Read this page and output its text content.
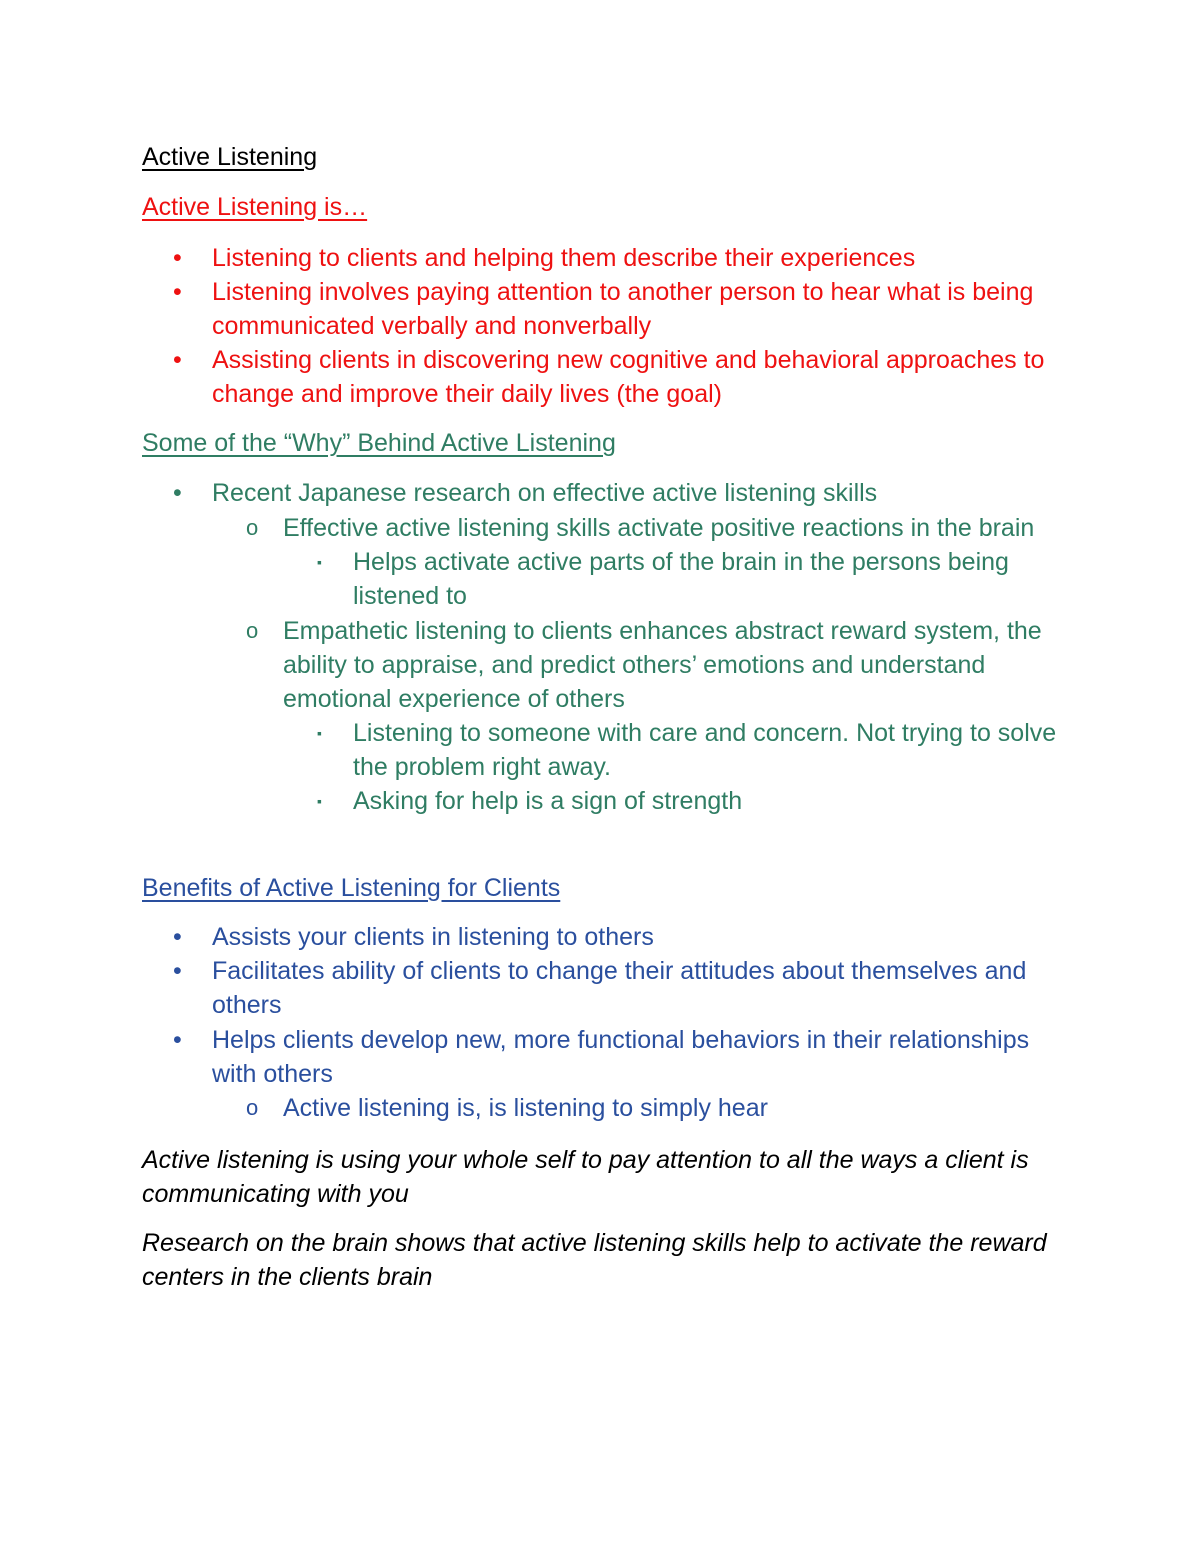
Active Listening
Active Listening is…
• Listening to clients and helping them describe their experiences
• Listening involves paying attention to another person to hear what is being communicated verbally and nonverbally
• Assisting clients in discovering new cognitive and behavioral approaches to change and improve their daily lives (the goal)
Some of the “Why” Behind Active Listening
• Recent Japanese research on effective active listening skills
o Effective active listening skills activate positive reactions in the brain
▪ Helps activate active parts of the brain in the persons being listened to
o Empathetic listening to clients enhances abstract reward system, the ability to appraise, and predict others’ emotions and understand emotional experience of others
▪ Listening to someone with care and concern. Not trying to solve the problem right away.
▪ Asking for help is a sign of strength
Benefits of Active Listening for Clients
• Assists your clients in listening to others
• Facilitates ability of clients to change their attitudes about themselves and others
• Helps clients develop new, more functional behaviors in their relationships with others
o Active listening is, is listening to simply hear
Active listening is using your whole self to pay attention to all the ways a client is communicating with you
Research on the brain shows that active listening skills help to activate the reward centers in the clients brain
